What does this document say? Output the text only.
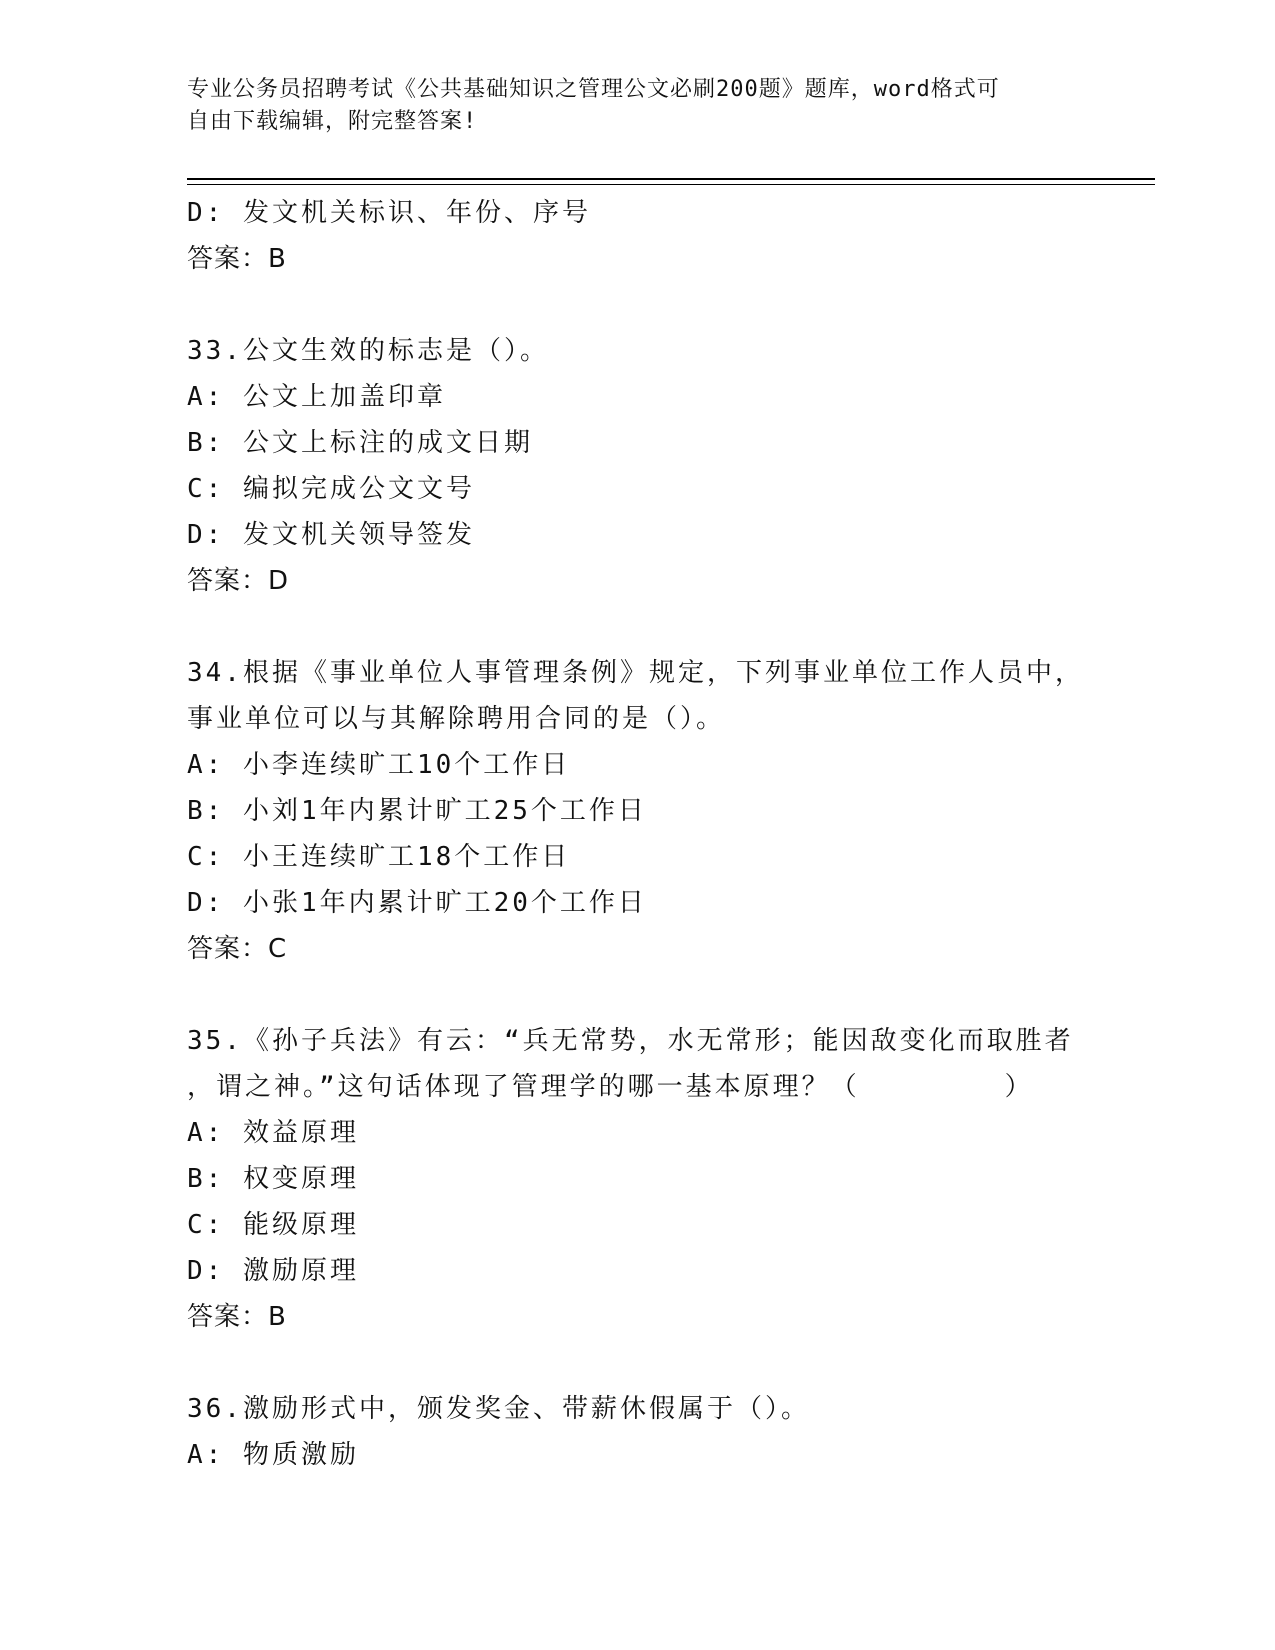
专业公务员招聘考试《公共基础知识之管理公文必刷200题》题库，word格式可
自由下载编辑，附完整答案!
D: 发文机关标识、年份、序号
答案：B
33.公文生效的标志是（）。
A: 公文上加盖印章
B: 公文上标注的成文日期
C: 编拟完成公文文号
D: 发文机关领导签发
答案：D
34.根据《事业单位人事管理条例》规定，下列事业单位工作人员中，
事业单位可以与其解除聘用合同的是（）。
A: 小李连续旷工10个工作日
B: 小刘1年内累计旷工25个工作日
C: 小王连续旷工18个工作日
D: 小张1年内累计旷工20个工作日
答案：C
35.《孙子兵法》有云：“兵无常势，水无常形；能因敌变化而取胜者
，谓之神。”这句话体现了管理学的哪一基本原理？（　　　　　）
A: 效益原理
B: 权变原理
C: 能级原理
D: 激励原理
答案：B
36.激励形式中，颁发奖金、带薪休假属于（）。
A: 物质激励
